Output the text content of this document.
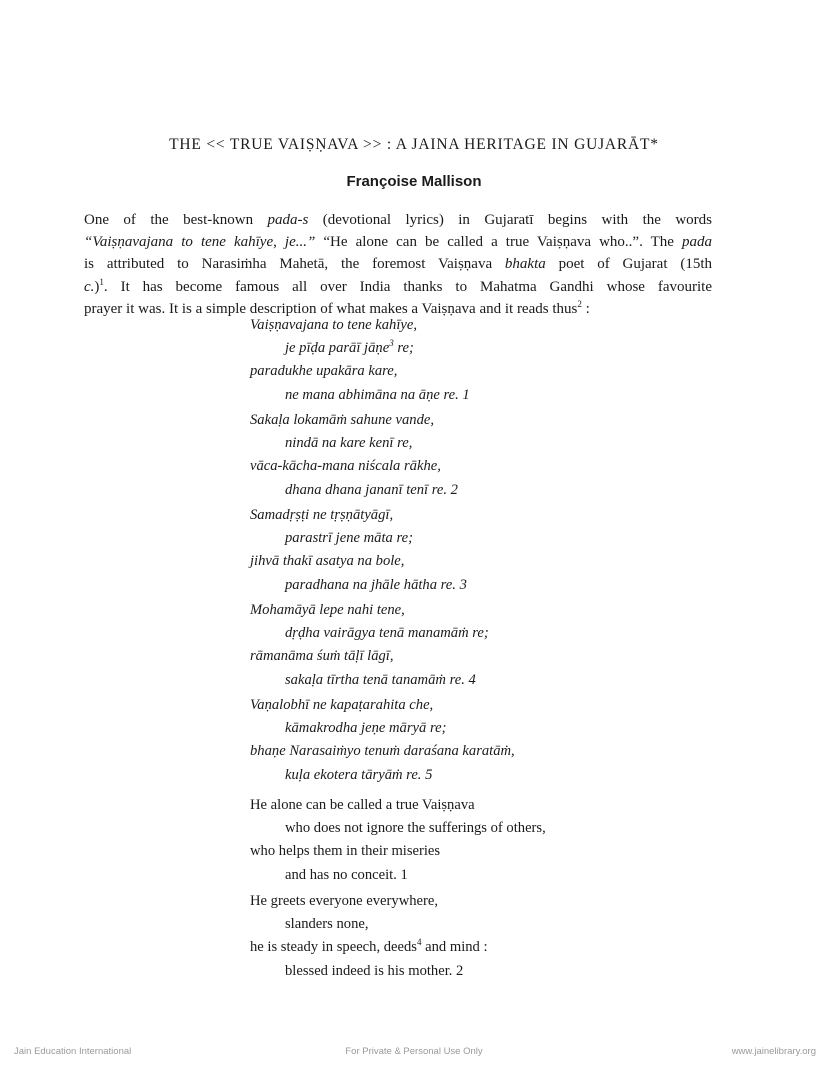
THE << TRUE VAIṢṆAVA >> : A JAINA HERITAGE IN GUJARĀT*
Françoise Mallison
One of the best-known pada-s (devotional lyrics) in Gujaratī begins with the words
“Vaiṣṇavajana to tene kahīye, je...” “He alone can be called a true Vaiṣṇava who..”. The pada
is attributed to Narasiṁha Mahetā, the foremost Vaiṣṇava bhakta poet of Gujarat (15th
c.)$^1$. It has become famous all over India thanks to Mahatma Gandhi whose favourite
prayer it was. It is a simple description of what makes a Vaiṣṇava and it reads thus$^2$ :
Vaiṣṇavajana to tene kahīye,
je pīḍa parāī jāṇe$^3$ re;
paradukhe upakāra kare,
ne mana abhimāna na āṇe re. 1
Sakaḷa lokamāṁ sahune vande,
nindā na kare kenī re,
vāca-kācha-mana niścala rākhe,
dhana dhana jananī tenī re. 2
Samadṛṣṭi ne tṛṣṇātyāgī,
parastrī jene māta re;
jihvā thakī asatya na bole,
paradhana na jhāle hātha re. 3
Mohamāyā lepe nahi tene,
dṛḍha vairāgya tenā manamāṁ re;
rāmanāma śuṁ tāḷī lāgī,
sakaḷa tīrtha tenā tanamāṁ re. 4
Vaṇalobhī ne kapaṭarahita che,
kāmakrodha jeṇe māryā re;
bhaṇe Narasaiṁyo tenuṁ daraśana karatāṁ,
kuḷa ekotera tāryāṁ re. 5
He alone can be called a true Vaiṣṇava
who does not ignore the sufferings of others,
who helps them in their miseries
and has no conceit. 1
He greets everyone everywhere,
slanders none,
he is steady in speech, deeds$^4$ and mind :
blessed indeed is his mother. 2
Jain Education International	For Private & Personal Use Only	www.jainelibrary.org
